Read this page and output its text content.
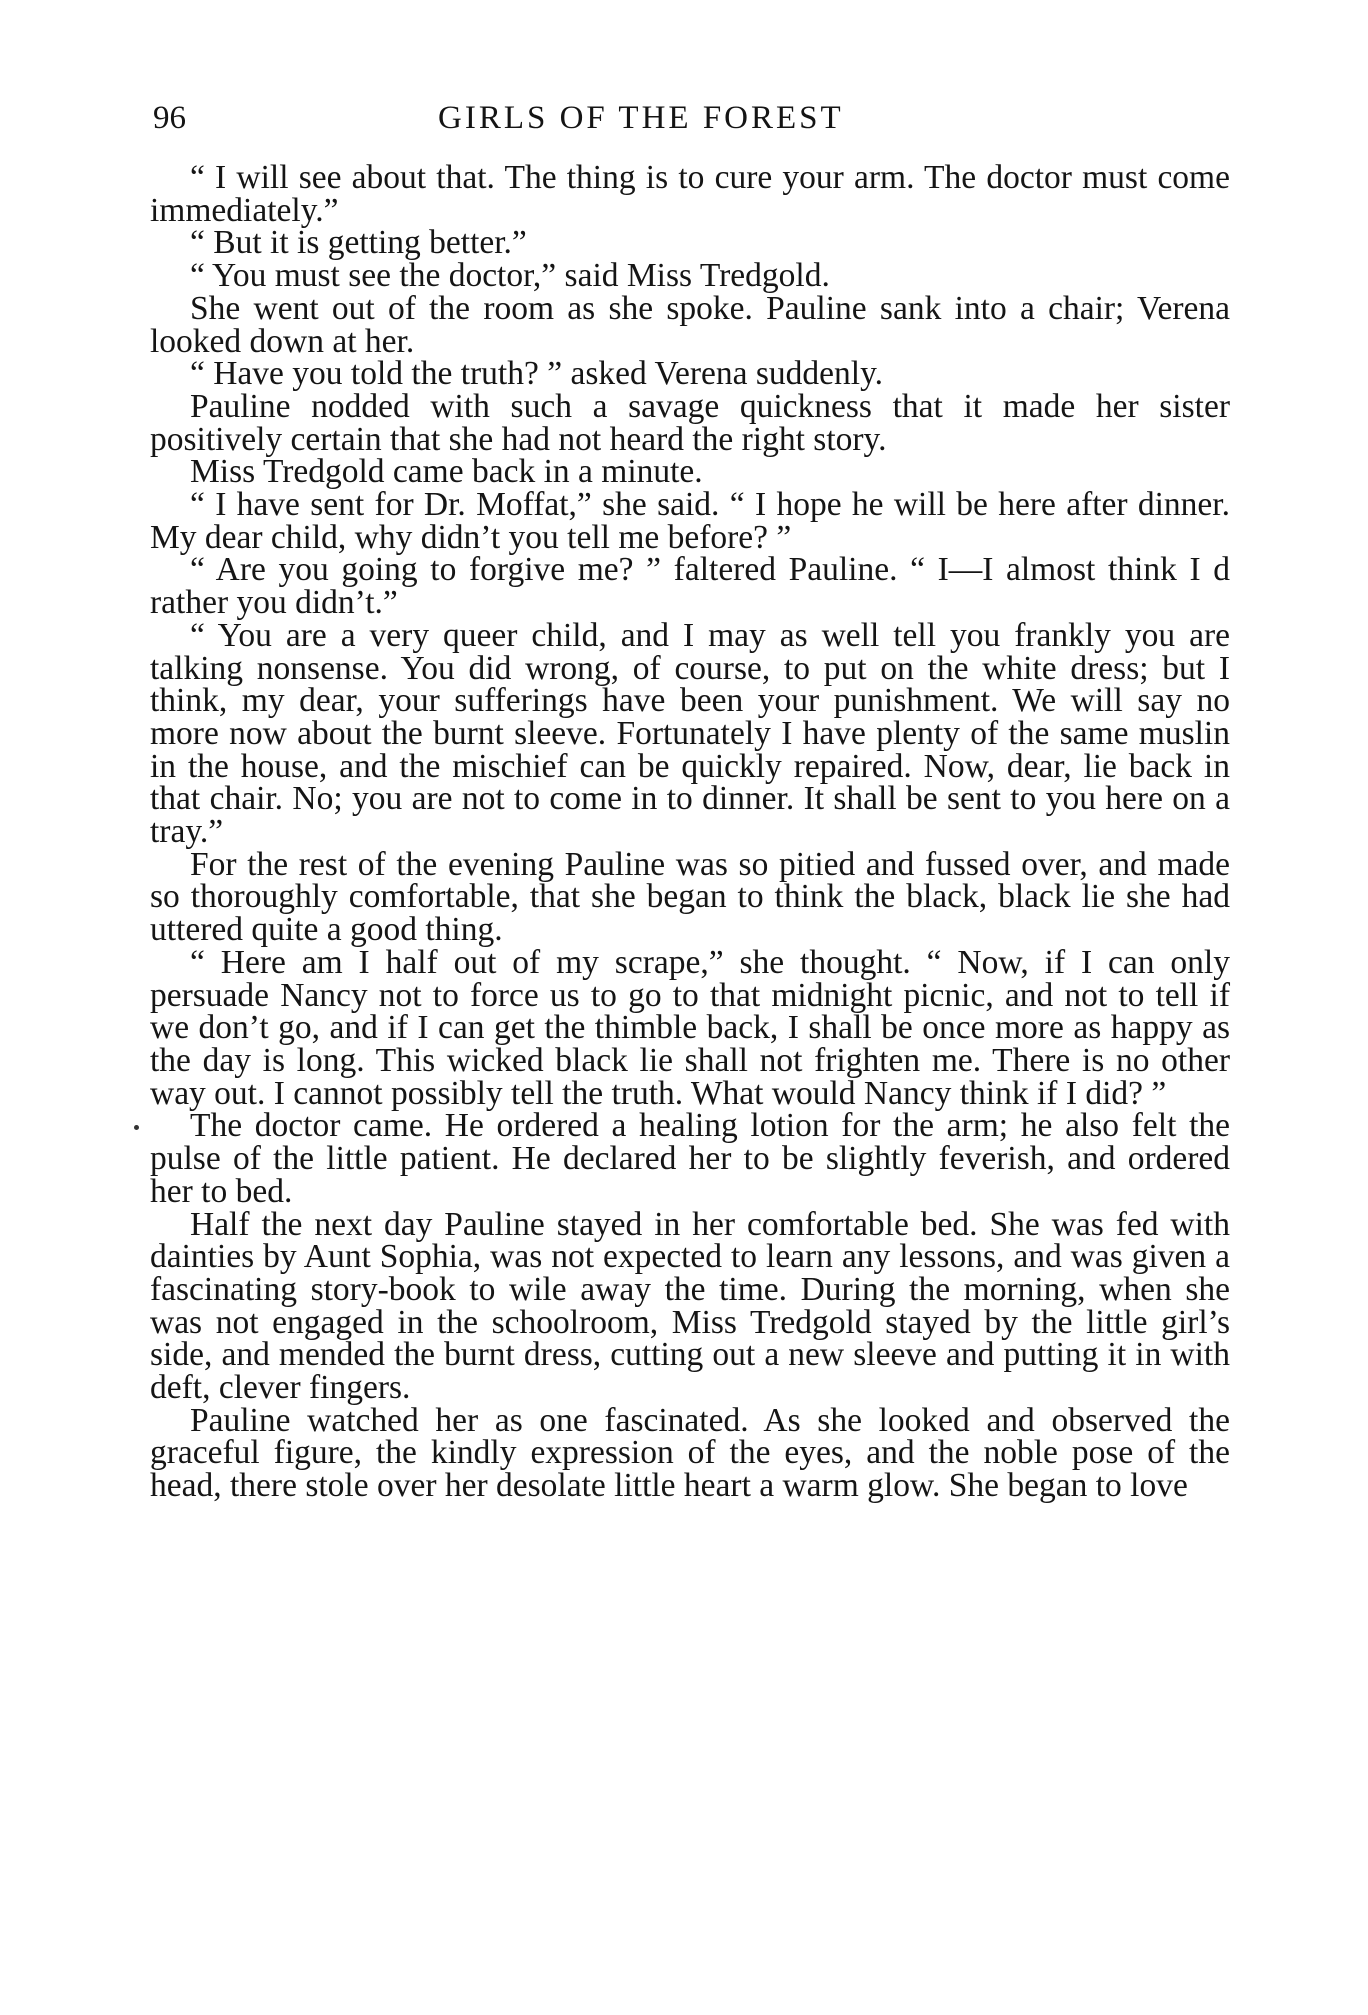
96	GIRLS OF THE FOREST

“ I will see about that. The thing is to cure your arm. The doctor must come immediately.”

“ But it is getting better.”

“ You must see the doctor,” said Miss Tredgold.

She went out of the room as she spoke. Pauline sank into a chair; Verena looked down at her.

“ Have you told the truth? ” asked Verena suddenly.

Pauline nodded with such a savage quickness that it made her sister positively certain that she had not heard the right story.

Miss Tredgold came back in a minute.

“ I have sent for Dr. Moffat,” she said. “ I hope he will be here after dinner. My dear child, why didn’t you tell me before? ”

“ Are you going to forgive me? ” faltered Pauline. “ I—I almost think I d rather you didn’t.”

“ You are a very queer child, and I may as well tell you frankly you are talking nonsense. You did wrong, of course, to put on the white dress; but I think, my dear, your sufferings have been your punishment. We will say no more now about the burnt sleeve. Fortunately I have plenty of the same muslin in the house, and the mischief can be quickly repaired. Now, dear, lie back in that chair. No; you are not to come in to dinner. It shall be sent to you here on a tray.”

For the rest of the evening Pauline was so pitied and fussed over, and made so thoroughly comfortable, that she began to think the black, black lie she had uttered quite a good thing.

“ Here am I half out of my scrape,” she thought. “ Now, if I can only persuade Nancy not to force us to go to that midnight picnic, and not to tell if we don’t go, and if I can get the thimble back, I shall be once more as happy as the day is long. This wicked black lie shall not frighten me. There is no other way out. I cannot possibly tell the truth. What would Nancy think if I did? ”

The doctor came. He ordered a healing lotion for the arm; he also felt the pulse of the little patient. He declared her to be slightly feverish, and ordered her to bed.

Half the next day Pauline stayed in her comfortable bed. She was fed with dainties by Aunt Sophia, was not expected to learn any lessons, and was given a fascinating story-book to wile away the time. During the morning, when she was not engaged in the schoolroom, Miss Tredgold stayed by the little girl’s side, and mended the burnt dress, cutting out a new sleeve and putting it in with deft, clever fingers.

Pauline watched her as one fascinated. As she looked and observed the graceful figure, the kindly expression of the eyes, and the noble pose of the head, there stole over her desolate little heart a warm glow. She began to love
